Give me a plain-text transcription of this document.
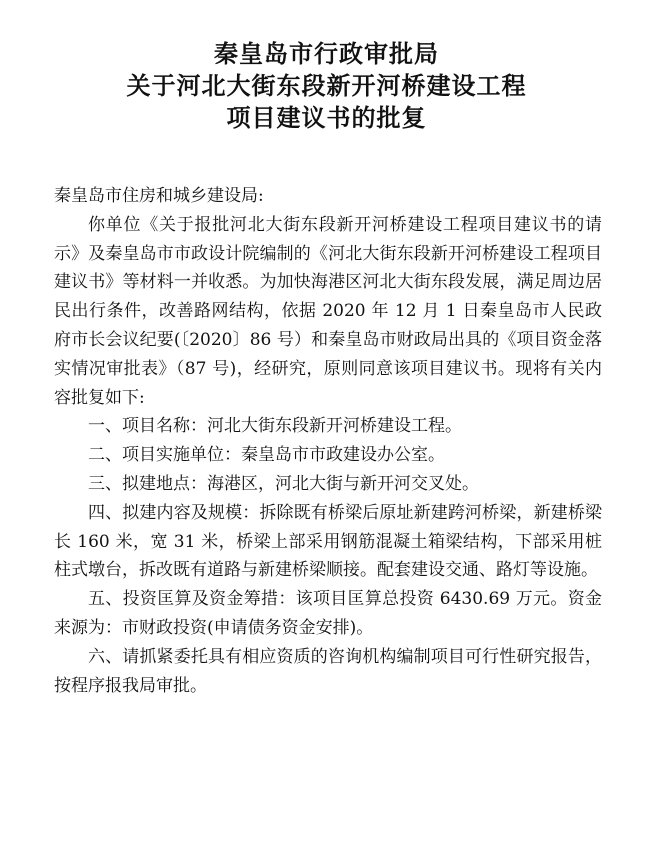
秦皇岛市行政审批局
关于河北大街东段新开河桥建设工程
项目建议书的批复

秦皇岛市住房和城乡建设局:

你单位《关于报批河北大街东段新开河桥建设工程项目建议书的请示》及秦皇岛市市政设计院编制的《河北大街东段新开河桥建设工程项目建议书》等材料一并收悉。为加快海港区河北大街东段发展，满足周边居民出行条件，改善路网结构，依据 2020 年 12 月 1 日秦皇岛市人民政府市长会议纪要(〔2020〕86 号）和秦皇岛市财政局出具的《项目资金落实情况审批表》（87 号)，经研究，原则同意该项目建议书。现将有关内容批复如下:

一、项目名称：河北大街东段新开河桥建设工程。

二、项目实施单位：秦皇岛市市政建设办公室。

三、拟建地点：海港区，河北大街与新开河交叉处。

四、拟建内容及规模：拆除既有桥梁后原址新建跨河桥梁，新建桥梁长 160 米，宽 31 米，桥梁上部采用钢筋混凝土箱梁结构，下部采用桩柱式墩台，拆改既有道路与新建桥梁顺接。配套建设交通、路灯等设施。

五、投资匡算及资金筹措：该项目匡算总投资 6430.69 万元。资金来源为：市财政投资(申请债务资金安排)。

六、请抓紧委托具有相应资质的咨询机构编制项目可行性研究报告，按程序报我局审批。
